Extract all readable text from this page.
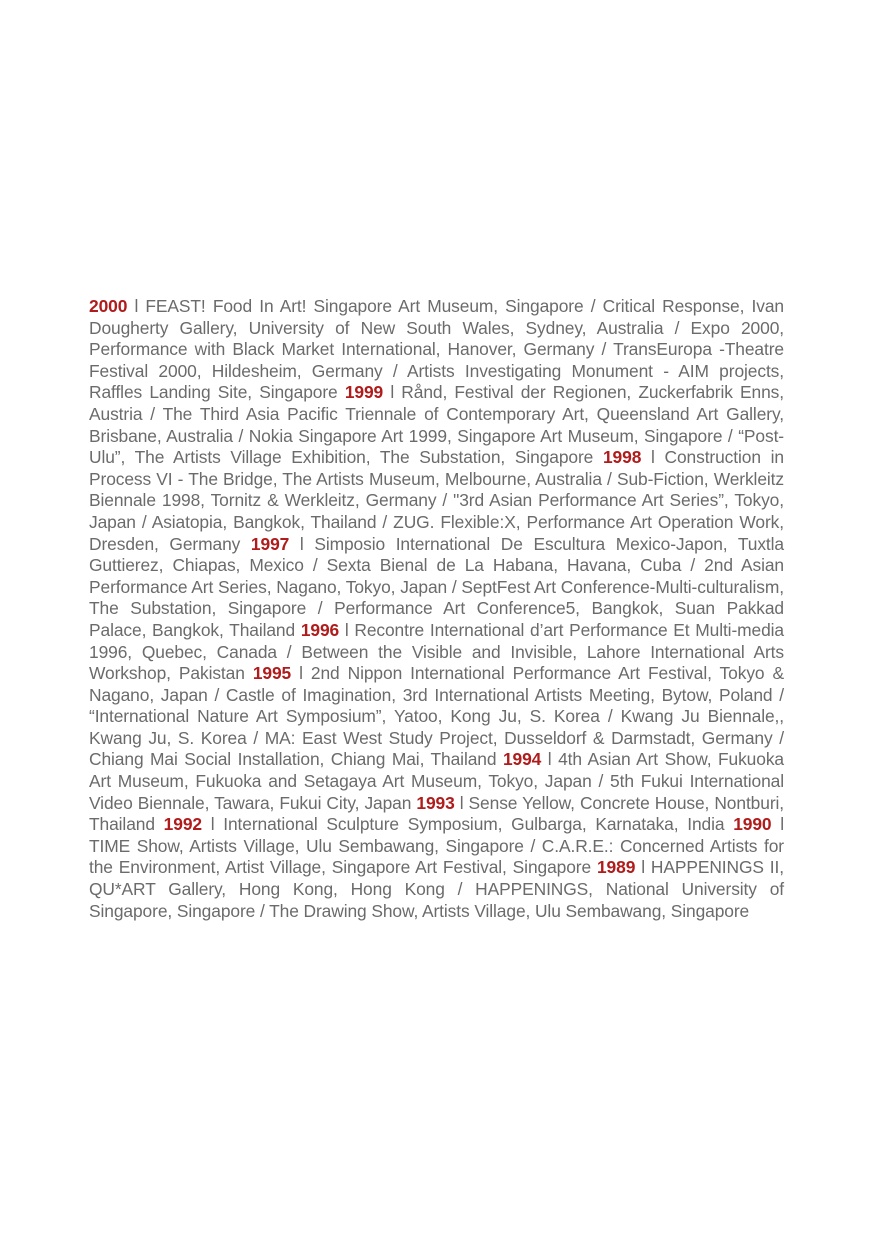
2000 l FEAST! Food In Art! Singapore Art Museum, Singapore / Critical Response, Ivan Dougherty Gallery, University of New South Wales, Sydney, Australia / Expo 2000, Performance with Black Market International, Hanover, Germany / TransEuropa -Theatre Festival 2000, Hildesheim, Germany / Artists Investigating Monument - AIM projects, Raffles Landing Site, Singapore 1999 l Rånd, Festival der Regionen, Zuckerfabrik Enns, Austria / The Third Asia Pacific Triennale of Contemporary Art, Queensland Art Gallery, Brisbane, Australia / Nokia Singapore Art 1999, Singapore Art Museum, Singapore / “Post-Ulu”, The Artists Village Exhibition, The Substation, Singapore 1998 l Construction in Process VI - The Bridge, The Artists Museum, Melbourne, Australia / Sub-Fiction, Werkleitz Biennale 1998, Tornitz & Werkleitz, Germany / "3rd Asian Performance Art Series”, Tokyo, Japan / Asiatopia, Bangkok, Thailand / ZUG. Flexible:X, Performance Art Operation Work, Dresden, Germany 1997 l Simposio International De Escultura Mexico-Japon, Tuxtla Guttierez, Chiapas, Mexico / Sexta Bienal de La Habana, Havana, Cuba / 2nd Asian Performance Art Series, Nagano, Tokyo, Japan / SeptFest Art Conference-Multi-culturalism, The Substation, Singapore / Performance Art Conference5, Bangkok, Suan Pakkad Palace, Bangkok, Thailand 1996 l Recontre International d’art Performance Et Multi-media 1996, Quebec, Canada / Between the Visible and Invisible, Lahore International Arts Workshop, Pakistan 1995 l 2nd Nippon International Performance Art Festival, Tokyo & Nagano, Japan / Castle of Imagination, 3rd International Artists Meeting, Bytow, Poland / “International Nature Art Symposium”, Yatoo, Kong Ju, S. Korea / Kwang Ju Biennale,, Kwang Ju, S. Korea / MA: East West Study Project, Dusseldorf & Darmstadt, Germany / Chiang Mai Social Installation, Chiang Mai, Thailand 1994 l 4th Asian Art Show, Fukuoka Art Museum, Fukuoka and Setagaya Art Museum, Tokyo, Japan / 5th Fukui International Video Biennale, Tawara, Fukui City, Japan 1993 l Sense Yellow, Concrete House, Nontburi, Thailand 1992 l International Sculpture Symposium, Gulbarga, Karnataka, India 1990 l TIME Show, Artists Village, Ulu Sembawang, Singapore / C.A.R.E.: Concerned Artists for the Environment, Artist Village, Singapore Art Festival, Singapore 1989 l HAPPENINGS II, QU*ART Gallery, Hong Kong, Hong Kong / HAPPENINGS, National University of Singapore, Singapore / The Drawing Show, Artists Village, Ulu Sembawang, Singapore
